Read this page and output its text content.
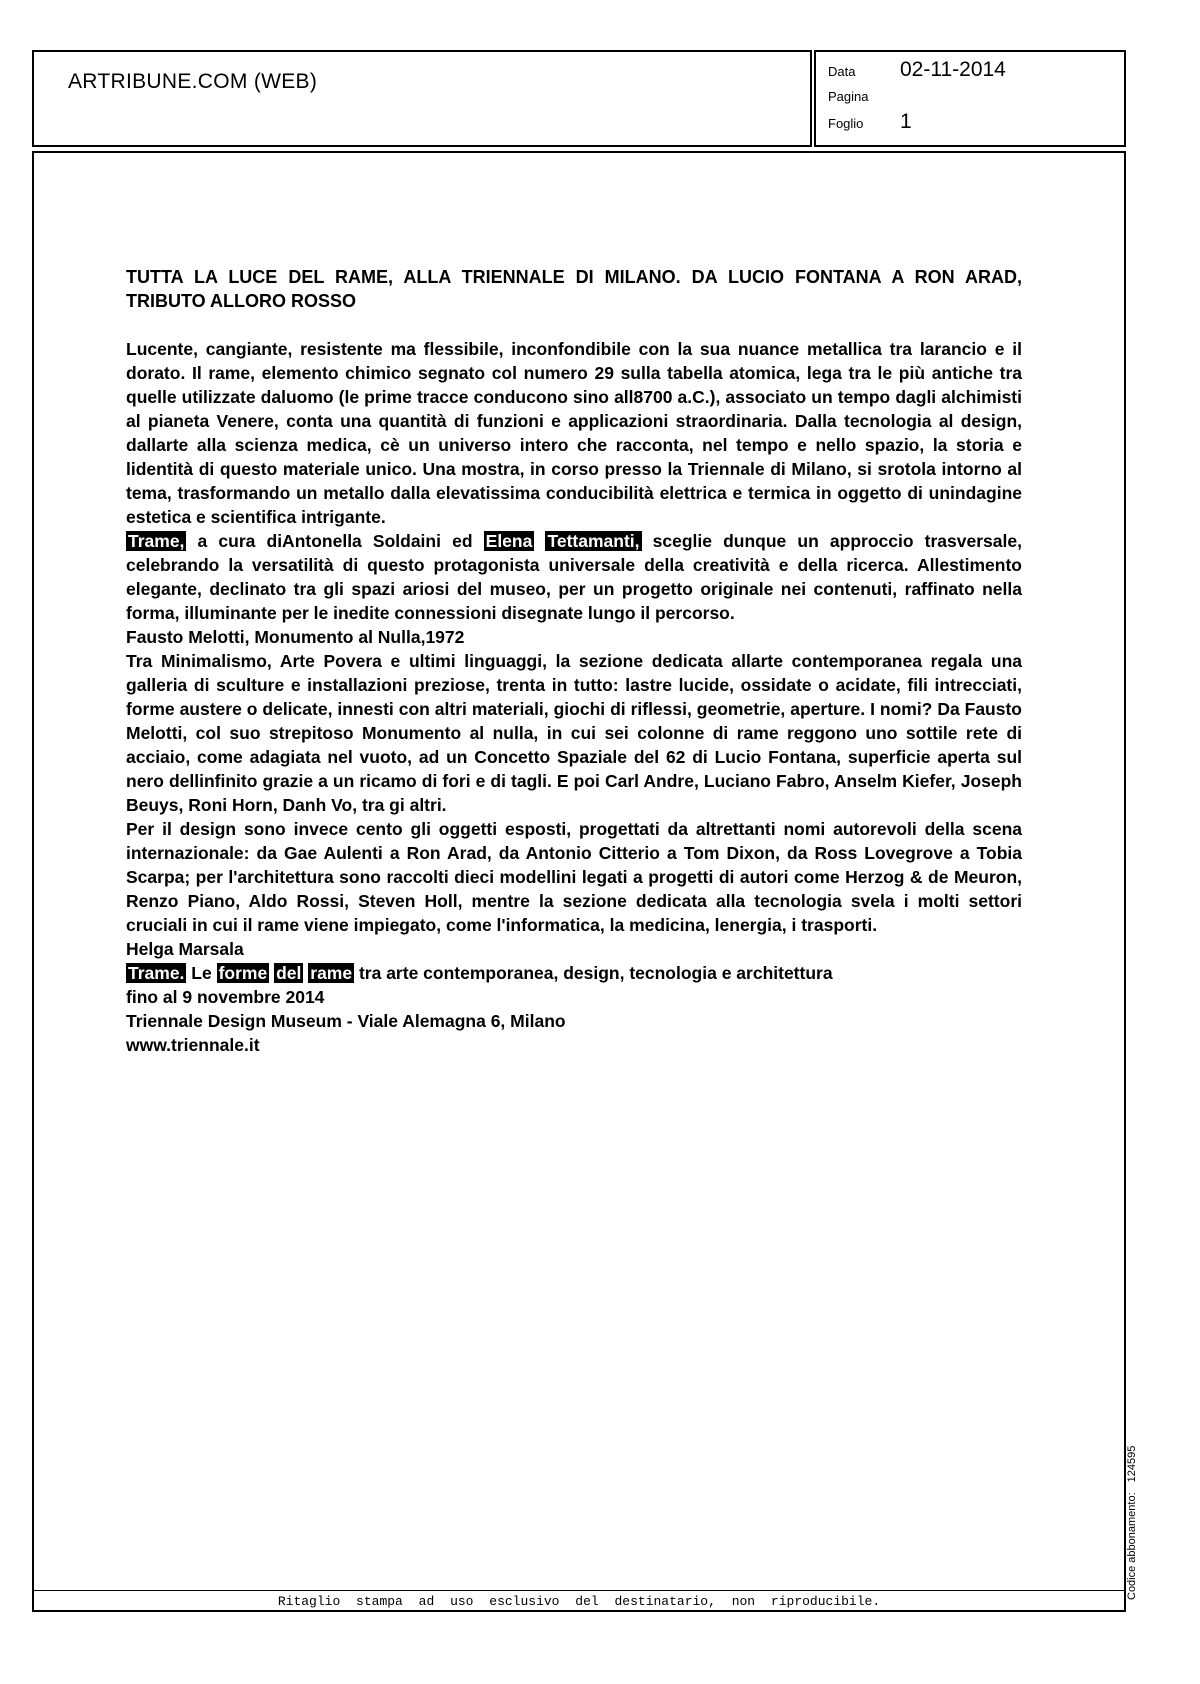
ARTRIBUNE.COM (WEB)	Data 02-11-2014
Pagina
Foglio 1

TUTTA LA LUCE DEL RAME, ALLA TRIENNALE DI MILANO. DA LUCIO FONTANA A RON ARAD, TRIBUTO ALLORO ROSSO

Lucente, cangiante, resistente ma flessibile, inconfondibile con la sua nuance metallica tra larancio e il dorato. Il rame, elemento chimico segnato col numero 29 sulla tabella atomica, lega tra le più antiche tra quelle utilizzate daluomo (le prime tracce conducono sino all8700 a.C.), associato un tempo dagli alchimisti al pianeta Venere, conta una quantità di funzioni e applicazioni straordinaria. Dalla tecnologia al design, dallarte alla scienza medica, cè un universo intero che racconta, nel tempo e nello spazio, la storia e lidentità di questo materiale unico. Una mostra, in corso presso la Triennale di Milano, si srotola intorno al tema, trasformando un metallo dalla elevatissima conducibilità elettrica e termica in oggetto di unindagine estetica e scientifica intrigante.

Trame, a cura diAntonella Soldaini ed Elena Tettamanti, sceglie dunque un approccio trasversale, celebrando la versatilità di questo protagonista universale della creatività e della ricerca. Allestimento elegante, declinato tra gli spazi ariosi del museo, per un progetto originale nei contenuti, raffinato nella forma, illuminante per le inedite connessioni disegnate lungo il percorso.

Fausto Melotti, Monumento al Nulla,1972

Tra Minimalismo, Arte Povera e ultimi linguaggi, la sezione dedicata allarte contemporanea regala una galleria di sculture e installazioni preziose, trenta in tutto: lastre lucide, ossidate o acidate, fili intrecciati, forme austere o delicate, innesti con altri materiali, giochi di riflessi, geometrie, aperture. I nomi? Da Fausto Melotti, col suo strepitoso Monumento al nulla, in cui sei colonne di rame reggono uno sottile rete di acciaio, come adagiata nel vuoto, ad un Concetto Spaziale del 62 di Lucio Fontana, superficie aperta sul nero dellinfinito grazie a un ricamo di fori e di tagli. E poi Carl Andre, Luciano Fabro, Anselm Kiefer, Joseph Beuys, Roni Horn, Danh Vo, tra gi altri.

Per il design sono invece cento gli oggetti esposti, progettati da altrettanti nomi autorevoli della scena internazionale: da Gae Aulenti a Ron Arad, da Antonio Citterio a Tom Dixon, da Ross Lovegrove a Tobia Scarpa; per l'architettura sono raccolti dieci modellini legati a progetti di autori come Herzog & de Meuron, Renzo Piano, Aldo Rossi, Steven Holl, mentre la sezione dedicata alla tecnologia svela i molti settori cruciali in cui il rame viene impiegato, come l'informatica, la medicina, lenergia, i trasporti.

Helga Marsala

Trame. Le forme del rame tra arte contemporanea, design, tecnologia e architettura

fino al 9 novembre 2014

Triennale Design Museum - Viale Alemagna 6, Milano

www.triennale.it

Ritaglio stampa ad uso esclusivo del destinatario, non riproducibile.
Codice abbonamento:124595
